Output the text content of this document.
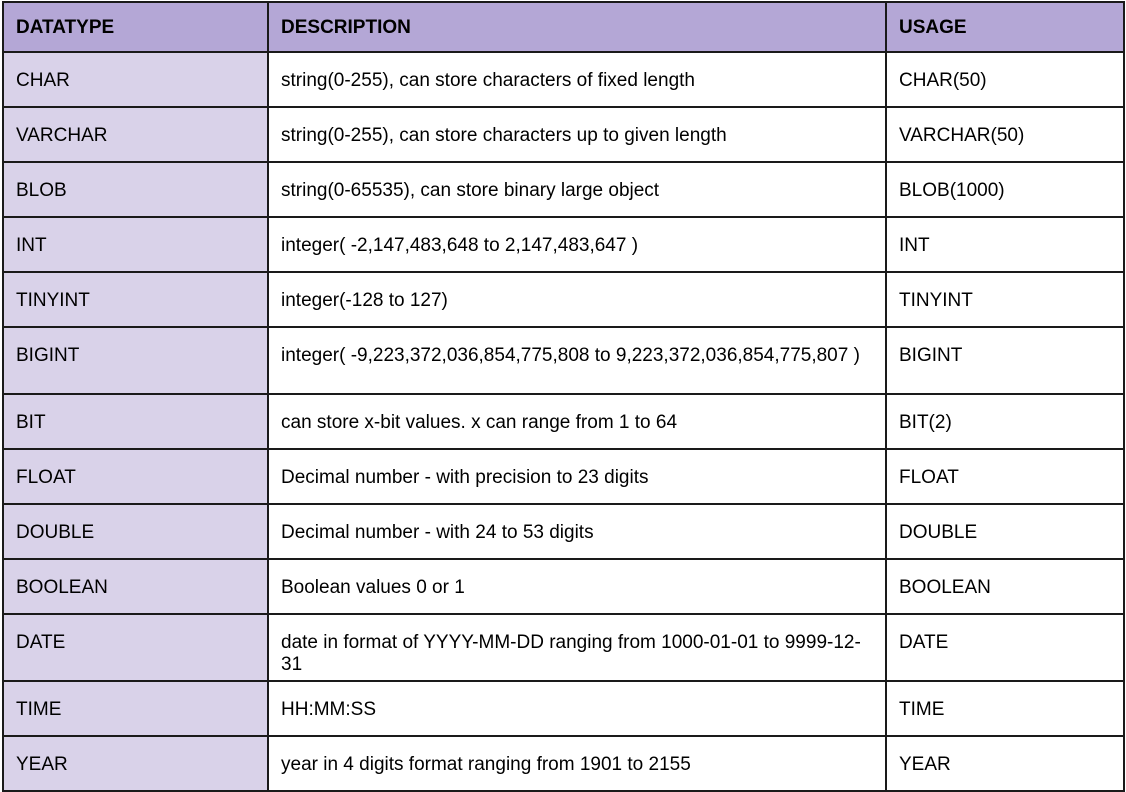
DATATYPE	DESCRIPTION	USAGE
CHAR	string(0-255), can store characters of fixed length	CHAR(50)
VARCHAR	string(0-255), can store characters up to given length	VARCHAR(50)
BLOB	string(0-65535), can store binary large object	BLOB(1000)
INT	integer( -2,147,483,648 to 2,147,483,647 )	INT
TINYINT	integer(-128 to 127)	TINYINT
BIGINT	integer( -9,223,372,036,854,775,808 to 9,223,372,036,854,775,807 )	BIGINT
BIT	can store x-bit values. x can range from 1 to 64	BIT(2)
FLOAT	Decimal number - with precision to 23 digits	FLOAT
DOUBLE	Decimal number - with 24 to 53 digits	DOUBLE
BOOLEAN	Boolean values 0 or 1	BOOLEAN
DATE	date in format of YYYY-MM-DD ranging from 1000-01-01 to 9999-12-31	DATE
TIME	HH:MM:SS	TIME
YEAR	year in 4 digits format ranging from 1901 to 2155	YEAR
